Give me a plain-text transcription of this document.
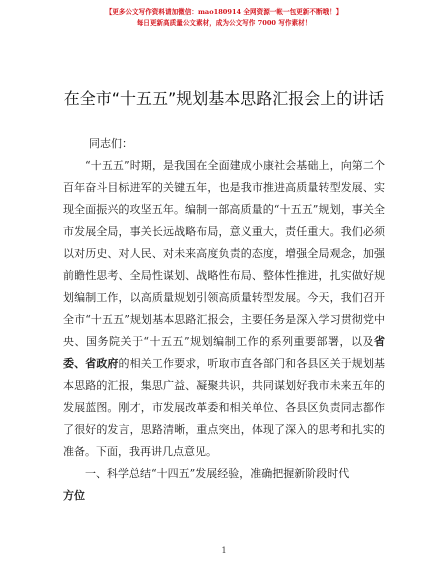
【更多公文写作资料请加微信：mao180914 全网资源一帐一包更新不断哦！】
每日更新高质量公文素材，成为公文写作 7000 写作素材！
在全市“十五五”规划基本思路汇报会上的讲话

同志们：

“十五五”时期，是我国在全面建成小康社会基础上，向第二个百年奋斗目标进军的关键五年，也是我市推进高质量转型发展、实现全面振兴的攻坚五年。编制一部高质量的“十五五”规划，事关全市发展全局，事关长远战略布局，意义重大，责任重大。我们必须以对历史、对人民、对未来高度负责的态度，增强全局观念，加强前瞻性思考、全局性谋划、战略性布局、整体性推进，扎实做好规划编制工作，以高质量规划引领高质量转型发展。今天，我们召开全市“十五五”规划基本思路汇报会，主要任务是深入学习贯彻党中央、国务院关于“十五五”规划编制工作的系列重要部署，以及省委、省政府的相关工作要求，听取市直各部门和各县区关于规划基本思路的汇报，集思广益、凝聚共识，共同谋划好我市未来五年的发展蓝图。刚才，市发展改革委和相关单位、各县区负责同志都作了很好的发言，思路清晰，重点突出，体现了深入的思考和扎实的准备。下面，我再讲几点意见。

一、科学总结“十四五”发展经验，准确把握新阶段时代
方位

1
